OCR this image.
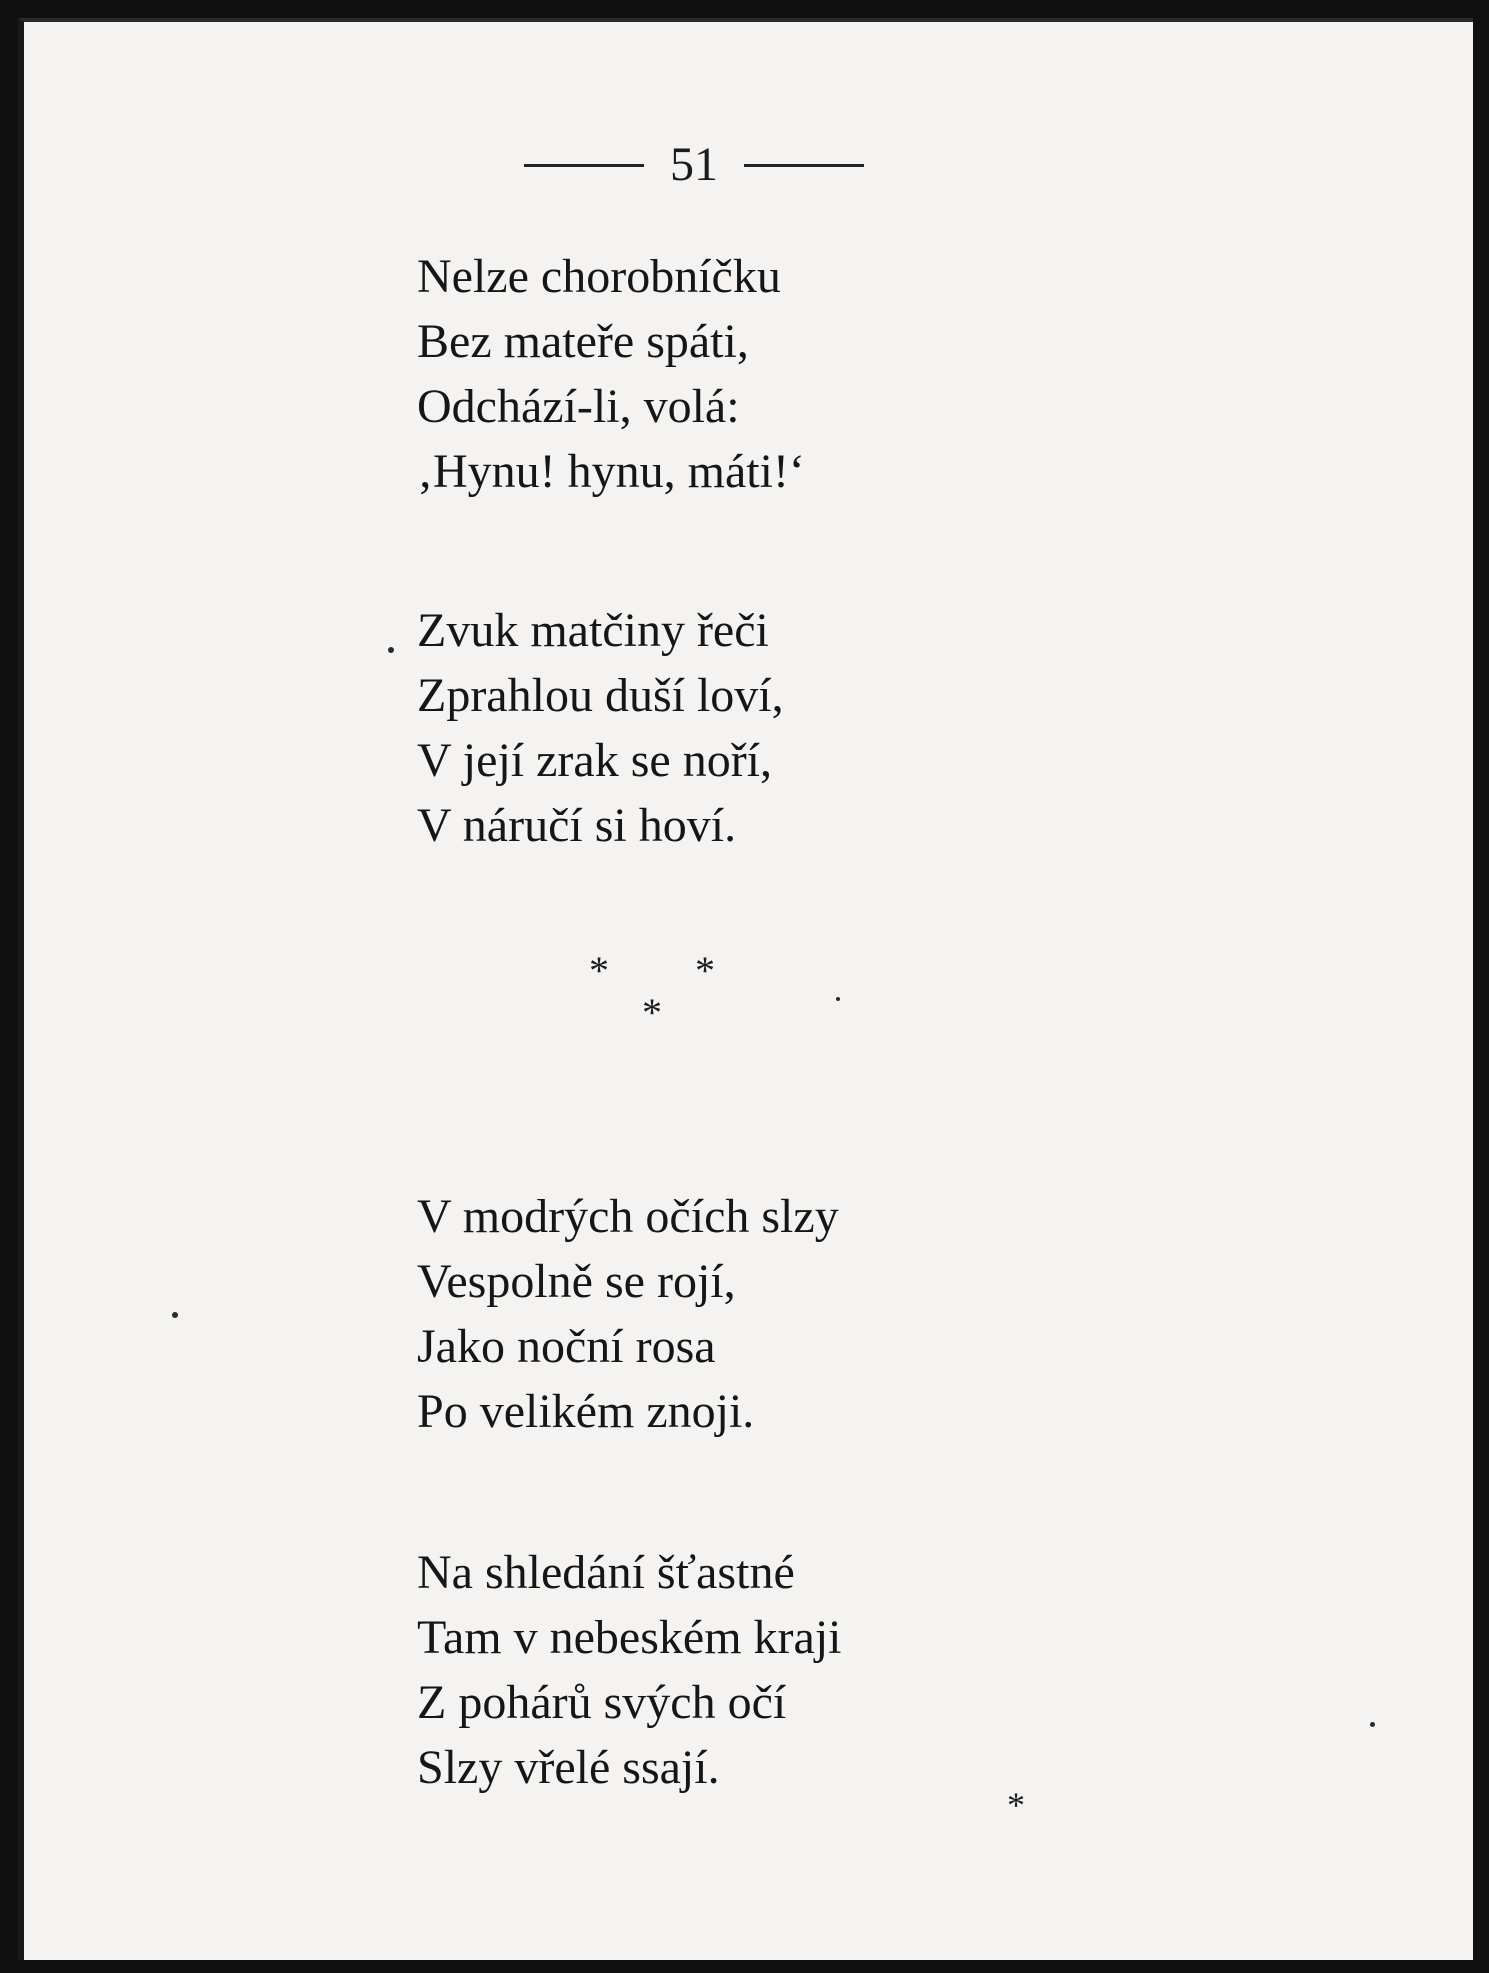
51
Nelze chorobníčku
Bez mateře spáti,
Odchází-li, volá:
‚Hynu! hynu, máti!‘
Zvuk matčiny řeči
Zprahlou duší loví,
V její zrak se noří,
V náručí si hoví.
* *
*
V modrých očích slzy
Vespolně se rojí,
Jako noční rosa
Po velikém znoji.
Na shledání šťastné
Tam v nebeském kraji
Z pohárů svých očí
Slzy vřelé ssají.
*
